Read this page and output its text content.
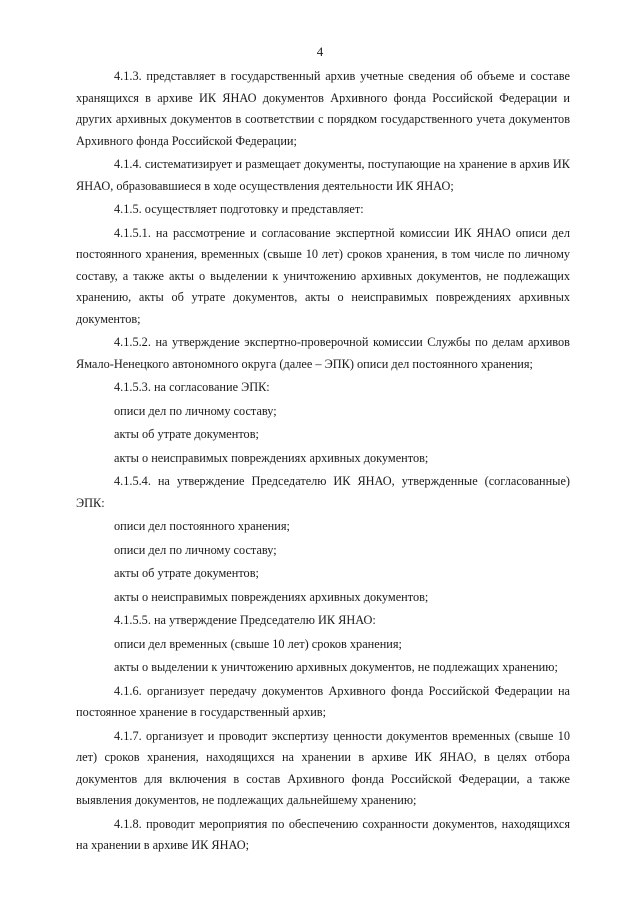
4

4.1.3. представляет в государственный архив учетные сведения об объеме и составе хранящихся в архиве ИК ЯНАО документов Архивного фонда Российской Федерации и других архивных документов в соответствии с порядком государственного учета документов Архивного фонда Российской Федерации;

4.1.4. систематизирует и размещает документы, поступающие на хранение в архив ИК ЯНАО, образовавшиеся в ходе осуществления деятельности ИК ЯНАО;

4.1.5. осуществляет подготовку и представляет:

4.1.5.1. на рассмотрение и согласование экспертной комиссии ИК ЯНАО описи дел постоянного хранения, временных (свыше 10 лет) сроков хранения, в том числе по личному составу, а также акты о выделении к уничтожению архивных документов, не подлежащих хранению, акты об утрате документов, акты о неисправимых повреждениях архивных документов;

4.1.5.2. на утверждение экспертно-проверочной комиссии Службы по делам архивов Ямало-Ненецкого автономного округа (далее – ЭПК) описи дел постоянного хранения;

4.1.5.3. на согласование ЭПК:

описи дел по личному составу;

акты об утрате документов;

акты о неисправимых повреждениях архивных документов;

4.1.5.4. на утверждение Председателю ИК ЯНАО, утвержденные (согласованные) ЭПК:

описи дел постоянного хранения;

описи дел по личному составу;

акты об утрате документов;

акты о неисправимых повреждениях архивных документов;

4.1.5.5. на утверждение Председателю ИК ЯНАО:

описи дел временных (свыше 10 лет) сроков хранения;

акты о выделении к уничтожению архивных документов, не подлежащих хранению;

4.1.6. организует передачу документов Архивного фонда Российской Федерации на постоянное хранение в государственный архив;

4.1.7. организует и проводит экспертизу ценности документов временных (свыше 10 лет) сроков хранения, находящихся на хранении в архиве ИК ЯНАО, в целях отбора документов для включения в состав Архивного фонда Российской Федерации, а также выявления документов, не подлежащих дальнейшему хранению;

4.1.8. проводит мероприятия по обеспечению сохранности документов, находящихся на хранении в архиве ИК ЯНАО;
